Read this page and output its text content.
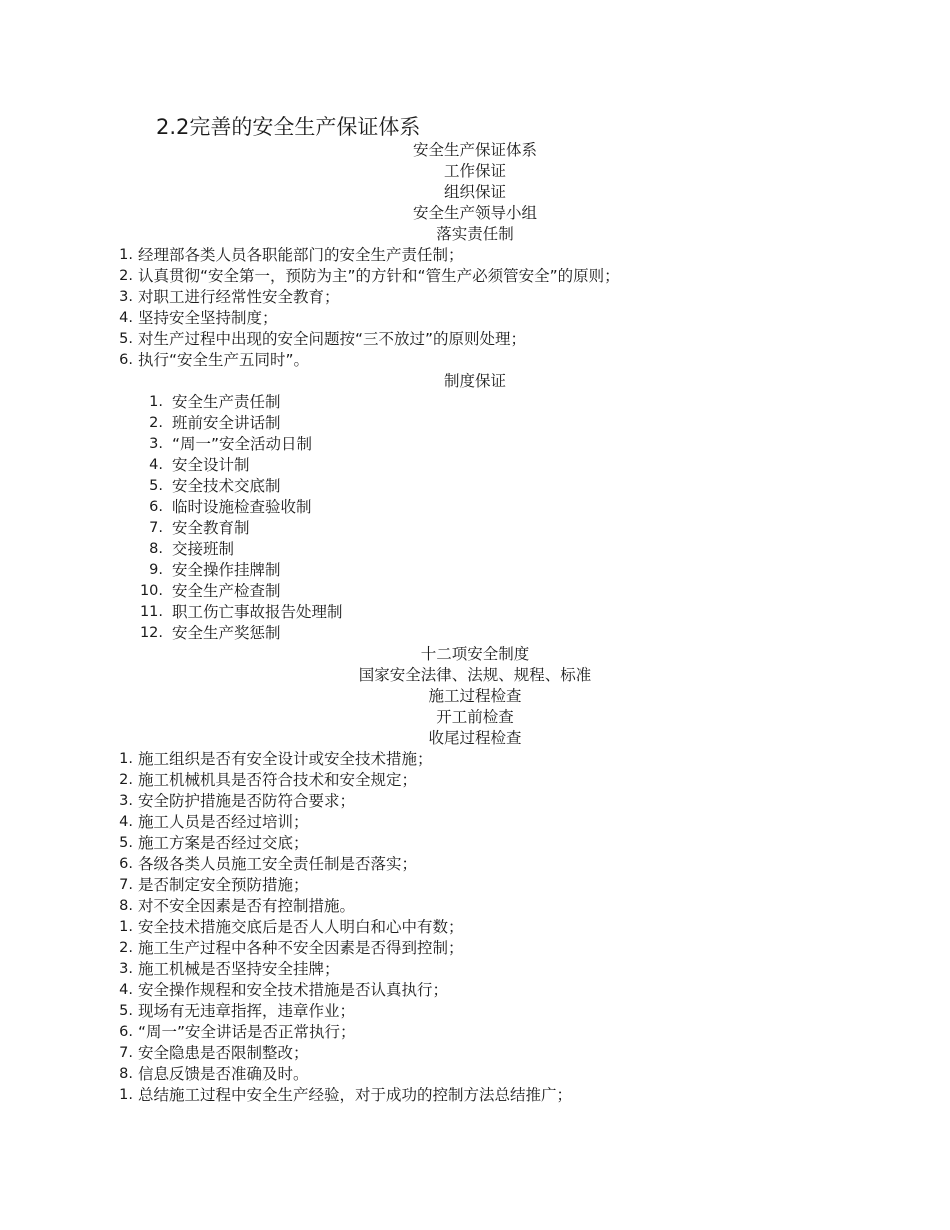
2.2完善的安全生产保证体系
安全生产保证体系
工作保证
组织保证
安全生产领导小组
落实责任制
1. 经理部各类人员各职能部门的安全生产责任制；
2. 认真贯彻“安全第一，预防为主”的方针和“管生产必须管安全”的原则；
3. 对职工进行经常性安全教育；
4. 坚持安全坚持制度；
5. 对生产过程中出现的安全问题按“三不放过”的原则处理；
6. 执行“安全生产五同时”。
制度保证
1. 安全生产责任制
2. 班前安全讲话制
3. “周一”安全活动日制
4. 安全设计制
5. 安全技术交底制
6. 临时设施检查验收制
7. 安全教育制
8. 交接班制
9. 安全操作挂牌制
10. 安全生产检查制
11. 职工伤亡事故报告处理制
12. 安全生产奖惩制
十二项安全制度
国家安全法律、法规、规程、标准
施工过程检查
开工前检查
收尾过程检查
1. 施工组织是否有安全设计或安全技术措施；
2. 施工机械机具是否符合技术和安全规定；
3. 安全防护措施是否防符合要求；
4. 施工人员是否经过培训；
5. 施工方案是否经过交底；
6. 各级各类人员施工安全责任制是否落实；
7. 是否制定安全预防措施；
8. 对不安全因素是否有控制措施。
1. 安全技术措施交底后是否人人明白和心中有数；
2. 施工生产过程中各种不安全因素是否得到控制；
3. 施工机械是否坚持安全挂牌；
4. 安全操作规程和安全技术措施是否认真执行；
5. 现场有无违章指挥，违章作业；
6. “周一”安全讲话是否正常执行；
7. 安全隐患是否限制整改；
8. 信息反馈是否准确及时。
1. 总结施工过程中安全生产经验，对于成功的控制方法总结推广；
